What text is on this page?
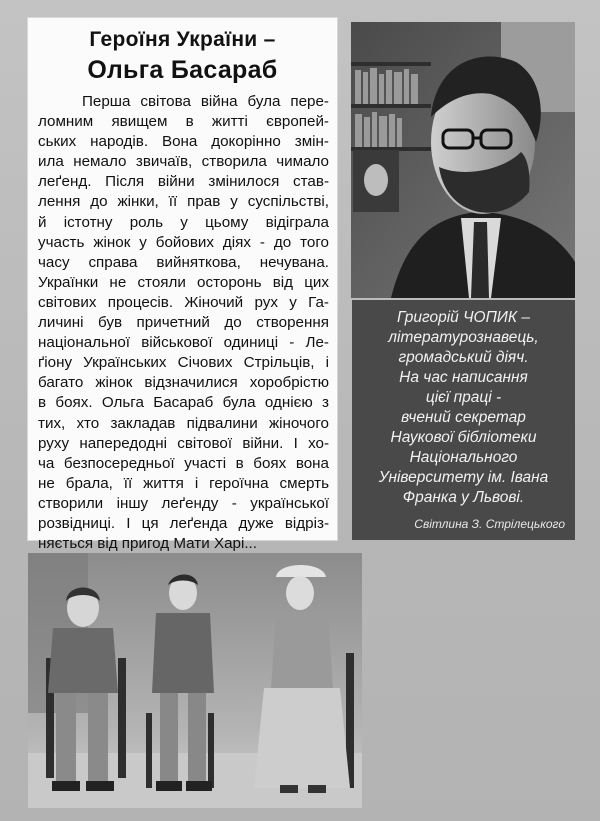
Героїня України –
Ольга Басараб
Перша світова війна була пере-
ломним явищем в житті європей-
ських народів. Вона докорінно змін-
ила немало звичаїв, створила чимало
леґенд. Після війни змінилося став-
лення до жінки, її прав у суспільстві,
й істотну роль у цьому відіграла
участь жінок у бойових діях - до того
часу справа вийняткова, нечувана.
Українки не стояли осторонь від цих
світових процесів. Жіночий рух у Га-
личині був причетний до створення
національної військової одиниці - Ле-
ґіону Українських Січових Стрільців, і
багато жінок відзначилися хоробрістю
в боях. Ольга Басараб була однією з
тих, хто закладав підвалини жіночого
руху напередодні світової війни. І хо-
ча безпосередньої участі в боях вона
не брала, її життя і героїчна смерть
створили іншу леґенду - української
розвідниці. І ця леґенда дуже відріз-
няється від пригод Мати Харі...
Григорій ЧОПИК –
літературознавець,
громадський діяч.
На час написання
цієї праці -
вчений секретар
Наукової бібліотеки
Національного
Університету ім. Івана
Франка у Львові.
Світлина З. Стрілецького
